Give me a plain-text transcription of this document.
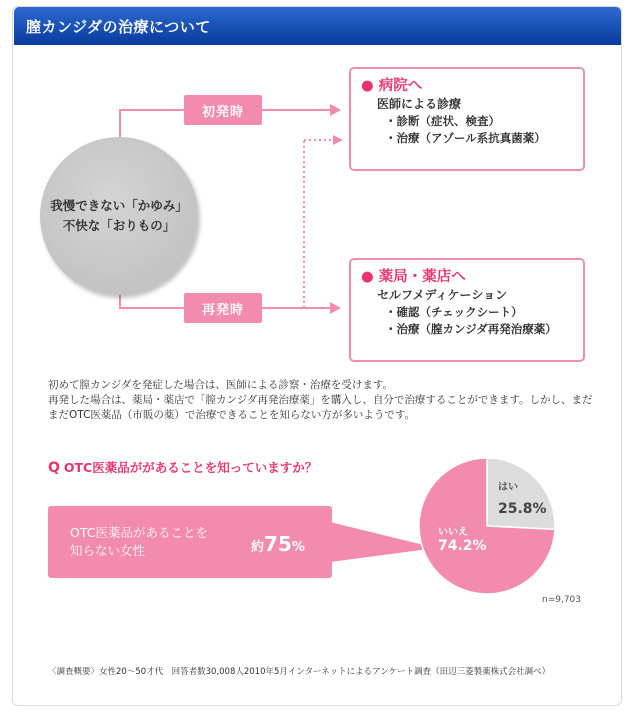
膣カンジダの治療について
我慢できない「かゆみ」
不快な「おりもの」
初発時
再発時
● 病院へ
医師による診療
・診断（症状、検査）
・治療（アゾール系抗真菌薬）
● 薬局・薬店へ
セルフメディケーション
・確認（チェックシート）
・治療（膣カンジダ再発治療薬）
初めて膣カンジダを発症した場合は、医師による診察・治療を受けます。
再発した場合は、薬局・薬店で「膣カンジダ再発治療薬」を購入し、自分で治療することができます。しかし、まだ
まだOTC医薬品（市販の薬）で治療できることを知らない方が多いようです。
Q OTC医薬品ががあることを知っていますか？
OTC医薬品があることを
知らない女性	約75%
はい
25.8%
いいえ
74.2%
n=9,703
〈調査概要〉女性20～50才代　回答者数30,008人2010年5月インターネットによるアンケート調査（田辺三菱製薬株式会社調べ）
